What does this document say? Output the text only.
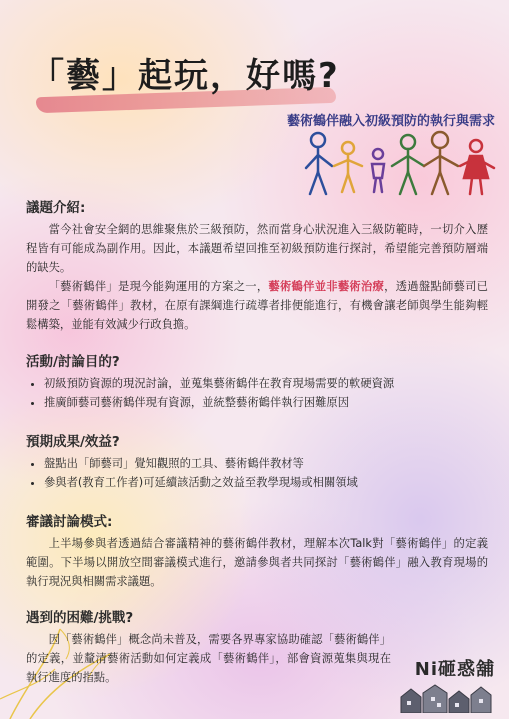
「藝」起玩，好嗎?
藝術鶴伴融入初級預防的執行與需求
議題介紹:

當今社會安全網的思維聚焦於三級預防，然而當身心狀況進入三級防範時，一切介入歷程皆有可能成為副作用。因此，本議題希望回推至初級預防進行探討，希望能完善預防層端的缺失。

「藝術鶴伴」是現今能夠運用的方案之一，藝術鶴伴並非藝術治療，透過盤點師藝司已開發之「藝術鶴伴」教材，在原有課綱進行疏導者排便能進行，有機會讓老師與學生能夠輕鬆構築，並能有效減少行政負擔。

活動/討論目的?
• 初級預防資源的現況討論，並蒐集藝術鶴伴在教育現場需要的軟硬資源
• 推廣師藝司藝術鶴伴現有資源，並統整藝術鶴伴執行困難原因
預期成果/效益?
• 盤點出「師藝司」覺知觀照的工具、藝術鶴伴教材等
• 參與者(教育工作者)可延續該活動之效益至教學現場或相關領域
審議討論模式:

上半場參與者透過結合審議精神的藝術鶴伴教材，理解本次Talk對「藝術鶴伴」的定義範圍。下半場以開放空間審議模式進行，邀請參與者共同探討「藝術鶴伴」融入教育現場的執行現況與相關需求議題。

遇到的困難/挑戰?

因「藝術鶴伴」概念尚未普及，需要各界專家協助確認「藝術鶴伴」的定義，並釐清藝術活動如何定義成「藝術鶴伴」，部會資源蒐集與現在執行進度的指點。	Ni砸惑舖
